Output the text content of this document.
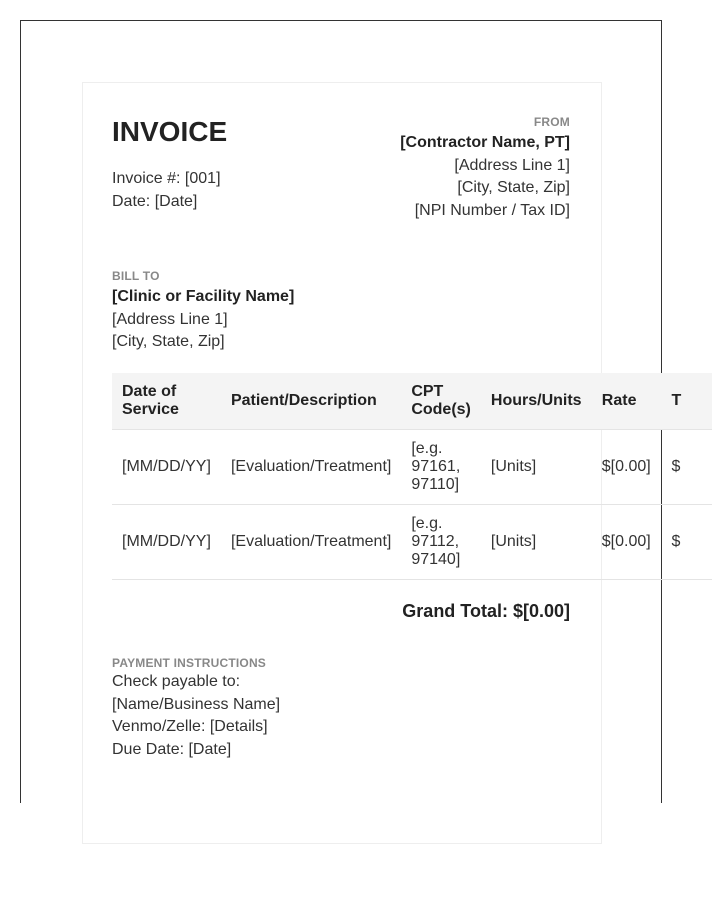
INVOICE
Invoice #: [001]
Date: [Date]
FROM
[Contractor Name, PT]
[Address Line 1]
[City, State, Zip]
[NPI Number / Tax ID]
BILL TO
[Clinic or Facility Name]
[Address Line 1]
[City, State, Zip]
Date of
Service	Patient/Description	CPT
Code(s)	Hours/Units	Rate	T
[MM/DD/YY]	[Evaluation/Treatment]	[e.g.
97161,
97110]	[Units]	$[0.00]	$
[MM/DD/YY]	[Evaluation/Treatment]	[e.g.
97112,
97140]	[Units]	$[0.00]	$
Grand Total: $[0.00]
PAYMENT INSTRUCTIONS
Check payable to:
[Name/Business Name]
Venmo/Zelle: [Details]
Due Date: [Date]
